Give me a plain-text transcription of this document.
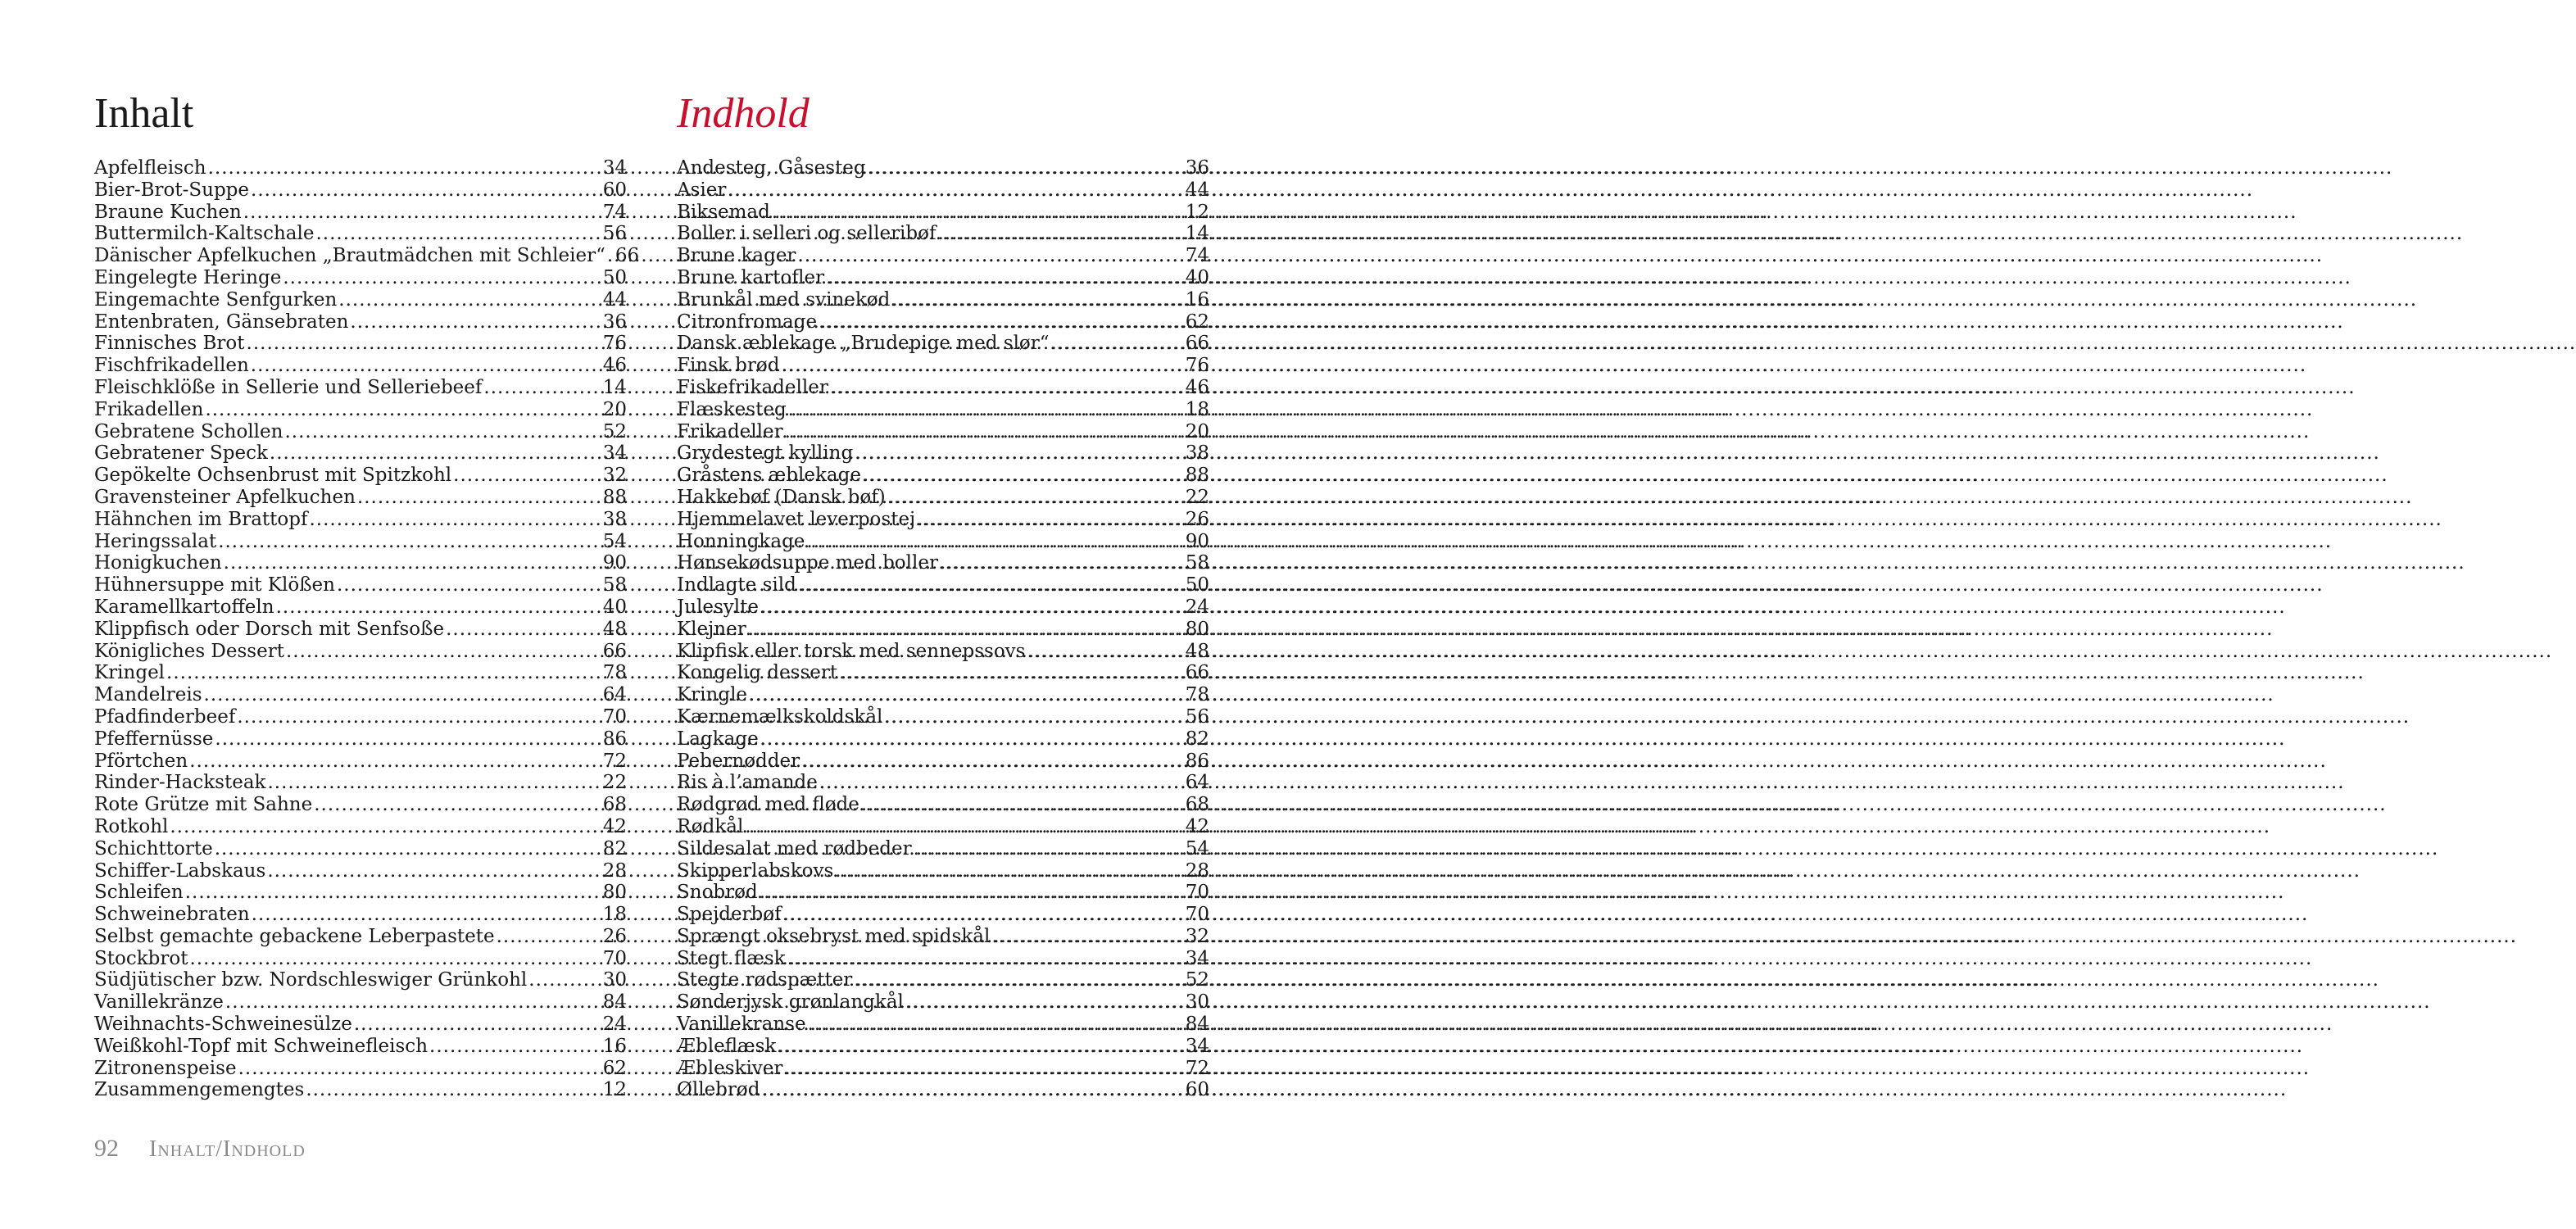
Inhalt
Apfelfleisch .....	34
Bier-Brot-Suppe .....	60
Braune Kuchen .....	74
Buttermilch-Kaltschale .....	56
Dänischer Apfelkuchen „Brautmädchen mit Schleier“ ..... 66
Eingelegte Heringe .....	50
Eingemachte Senfgurken .....	44
Entenbraten, Gänsebraten .....	36
Finnisches Brot .....	76
Fischfrikadellen .....	46
Fleischklöße in Sellerie und Selleriebeef .....	14
Frikadellen .....	20
Gebratene Schollen .....	52
Gebratener Speck .....	34
Gepökelte Ochsenbrust mit Spitzkohl .....	32
Gravensteiner Apfelkuchen .....	88
Hähnchen im Brattopf .....	38
Heringssalat .....	54
Honigkuchen .....	90
Hühnersuppe mit Klößen .....	58
Karamellkartoffeln .....	40
Klippfisch oder Dorsch mit Senfsoße .....	48
Königliches Dessert .....	66
Kringel .....	78
Mandelreis .....	64
Pfadfinderbeef .....	70
Pfeffernüsse .....	86
Pförtchen .....	72
Rinder-Hacksteak .....	22
Rote Grütze mit Sahne .....	68
Rotkohl .....	42
Schichttorte .....	82
Schiffer-Labskaus .....	28
Schleifen .....	80
Schweinebraten .....	18
Selbst gemachte gebackene Leberpastete .....	26
Stockbrot .....	70
Südjütischer bzw. Nordschleswiger Grünkohl .....	30
Vanillekränze .....	84
Weihnachts-Schweinesülze .....	24
Weißkohl-Topf mit Schweinefleisch .....	16
Zitronenspeise .....	62
Zusammengemengtes .....	12
Indhold
Andesteg, Gåsesteg .....	36
Asier .....	44
Biksemad .....	12
Boller i selleri og selleribøf .....	14
Brune kager .....	74
Brune kartofler .....	40
Brunkål med svinekød .....	16
Citronfromage .....	62
Dansk æblekage „Brudepige med slør“ .....	66
Finsk brød .....	76
Fiskefrikadeller .....	46
Flæskesteg .....	18
Frikadeller .....	20
Grydestegt kylling .....	38
Gråstens æblekage .....	88
Hakkebøf (Dansk bøf) .....	22
Hjemmelavet leverpostej .....	26
Honningkage .....	90
Hønsekødsuppe med boller .....	58
Indlagte sild .....	50
Julesylte .....	24
Klejner .....	80
Klipfisk eller torsk med sennepssovs .....	48
Kongelig dessert .....	66
Kringle .....	78
Kærnemælkskoldskål .....	56
Lagkage .....	82
Pebernødder .....	86
Ris à l’amande .....	64
Rødgrød med fløde .....	68
Rødkål .....	42
Sildesalat med rødbeder .....	54
Skipperlabskovs .....	28
Snobrød .....	70
Spejderbøf .....	70
Sprængt oksebryst med spidskål .....	32
Stegt flæsk .....	34
Stegte rødspætter .....	52
Sønderjysk grønlangkål .....	30
Vanillekranse .....	84
Æbleflæsk .....	34
Æbleskiver .....	72
Øllebrød .....	60
92 Inhalt/Indhold
